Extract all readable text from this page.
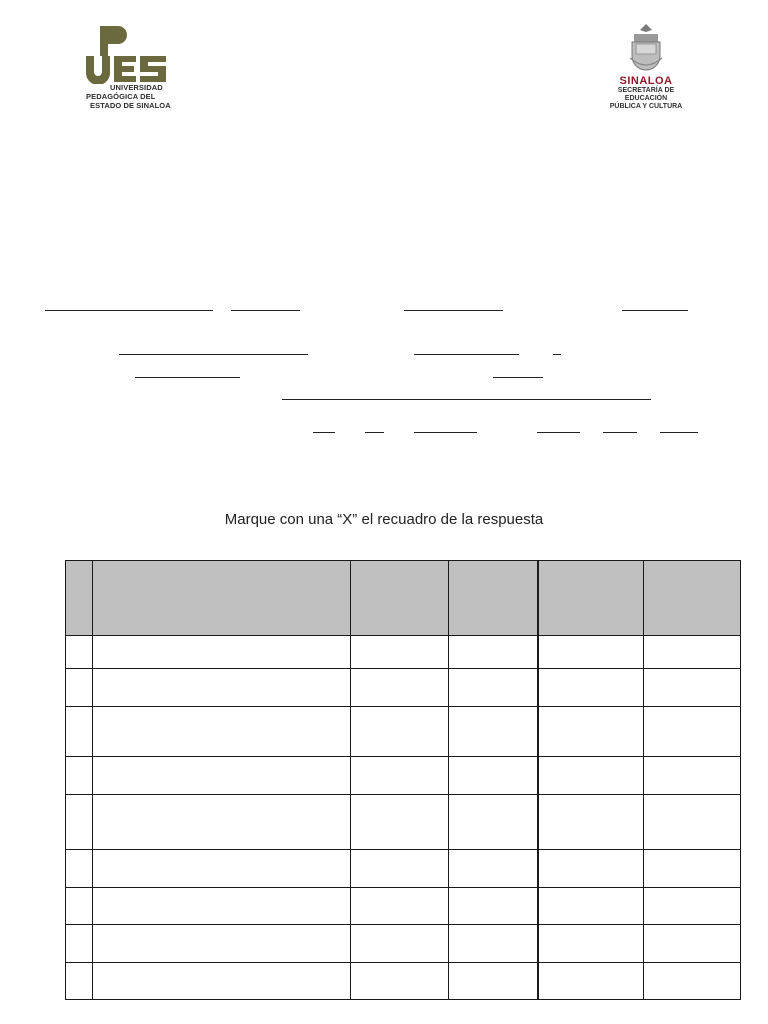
UNIVERSIDAD
PEDAGÓGICA DEL
ESTADO DE SINALOA
SINALOA
SECRETARÍA DE
EDUCACIÓN
PÚBLICA Y CULTURA
Marque con una “X” el recuadro de la respuesta
